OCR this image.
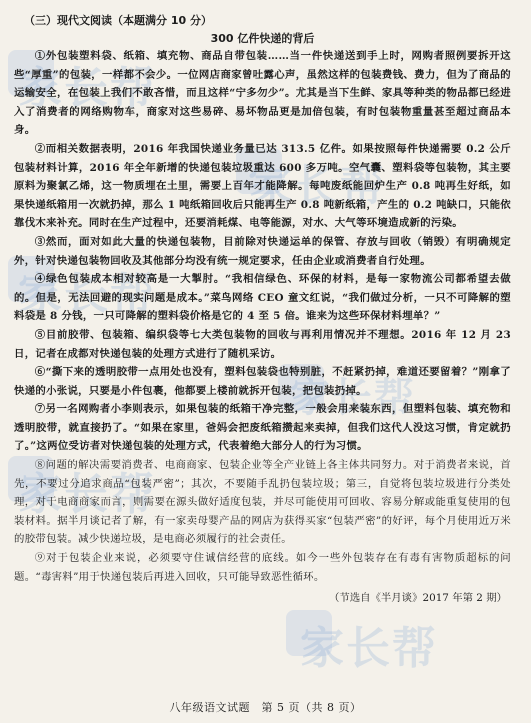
家长帮
家长帮
家长帮
家长帮
家长帮
家长帮
（三）现代文阅读（本题满分 10 分）
300 亿件快递的背后

①外包装塑料袋、纸箱、填充物、商品自带包装……当一件快递送到手上时，网购者照例要拆开这些“厚重”的包装，一样都不会少。一位网店商家曾吐露心声，虽然这样的包装费钱、费力，但为了商品的运输安全，在包装上我们不敢吝惜，而且这样“宁多勿少”。尤其是当下生鲜、家具等种类的物品都已经进入了消费者的网络购物车，商家对这些易碎、易坏物品更是加倍包装，有时包装物重量甚至超过商品本身。

②而相关数据表明，2016 年我国快递业务量已达 313.5 亿件。如果按照每件快递需要 0.2 公斤包装材料计算，2016 年全年新增的快递包装垃圾重达 600 多万吨。空气囊、塑料袋等包装物，其主要原料为聚氯乙烯，这一物质埋在土里，需要上百年才能降解。每吨废纸能回炉生产 0.8 吨再生好纸，如果快递纸箱用一次就扔掉，那么 1 吨纸箱回收后只能再生产 0.8 吨新纸箱，产生的 0.2 吨缺口，只能依靠伐木来补充。同时在生产过程中，还要消耗煤、电等能源，对水、大气等环境造成新的污染。

③然而，面对如此大量的快递包装物，目前除对快递运单的保管、存放与回收（销毁）有明确规定外，针对快递包装物回收及其他部分均没有统一规定要求，任由企业或消费者自行处理。

④绿色包装成本相对较高是一大掣肘。“我相信绿色、环保的材料，是每一家物流公司都希望去做的。但是，无法回避的现实问题是成本。”菜鸟网络 CEO 童文红说，“我们做过分析，一只不可降解的塑料袋是 8 分钱，一只可降解的塑料袋价格是它的 4 至 5 倍。谁来为这些环保材料埋单？”

⑤目前胶带、包装箱、编织袋等七大类包装物的回收与再利用情况并不理想。2016 年 12 月 23 日，记者在成都对快递包装的处理方式进行了随机采访。

⑥“撕下来的透明胶带一点用处也没有，塑料包装袋也特别脏，不赶紧扔掉，难道还要留着？”刚拿了快递的小张说，只要是小件包裹，他都要上楼前就拆开包装，把包装扔掉。

⑦另一名网购者小李则表示，如果包装的纸箱干净完整，一般会用来装东西，但塑料包装、填充物和透明胶带，就直接扔了。“如果在家里，爸妈会把废纸箱攒起来卖掉，但我们这代人没这习惯，肯定就扔了。”这两位受访者对快递包装的处理方式，代表着绝大部分人的行为习惯。

⑧问题的解决需要消费者、电商商家、包装企业等全产业链上各主体共同努力。对于消费者来说，首先，不要过分追求商品“包装严密”；其次，不要随手乱扔包装垃圾；第三，自觉将包装垃圾进行分类处理，对于电商商家而言，则需要在源头做好适度包装，并尽可能使用可回收、容易分解或能重复使用的包装材料。据半月谈记者了解，有一家卖母婴产品的网店为获得买家“包装严密”的好评，每个月使用近万米的胶带包装。减少快递垃圾，是电商必须履行的社会责任。

⑨对于包装企业来说，必须要守住诚信经营的底线。如今一些外包装存在有毒有害物质超标的问题。“毒害料”用于快递包装后再进入回收，只可能导致恶性循环。

（节选自《半月谈》2017 年第 2 期）
八年级语文试题　第 5 页（共 8 页）
